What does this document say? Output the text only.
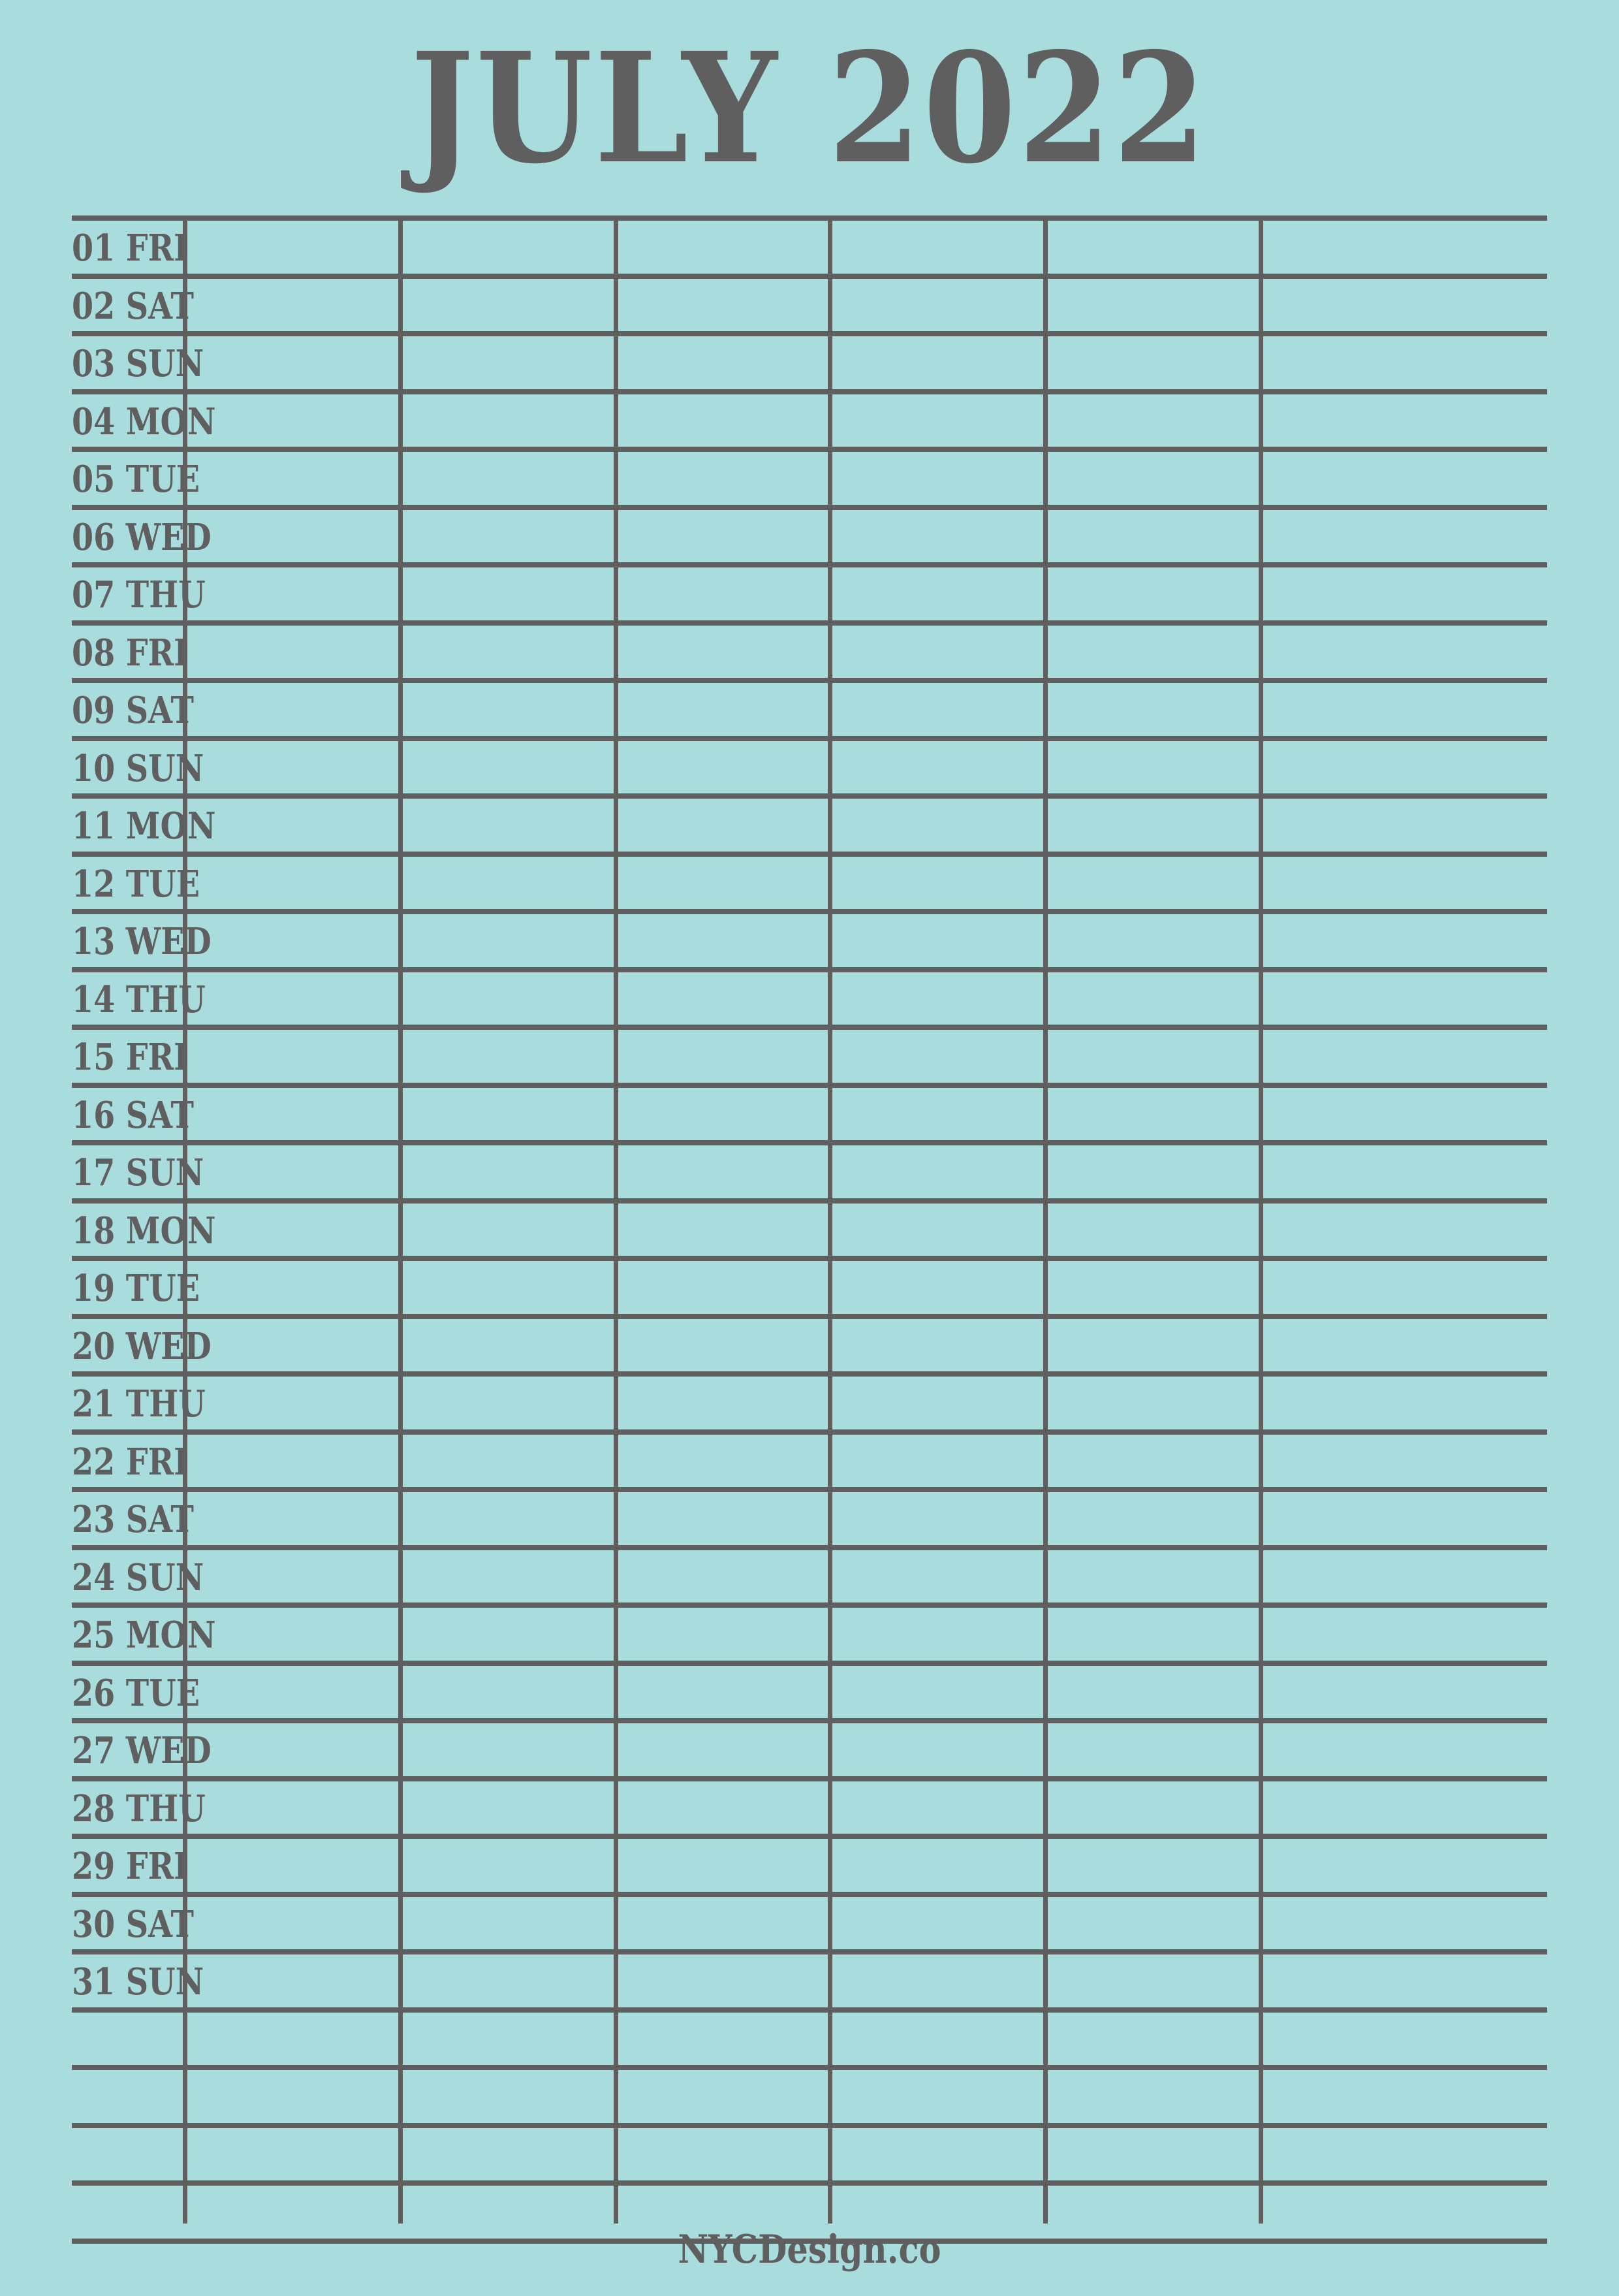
JULY 2022
01 FRI
02 SAT
03 SUN
04 MON
05 TUE
06 WED
07 THU
08 FRI
09 SAT
10 SUN
11 MON
12 TUE
13 WED
14 THU
15 FRI
16 SAT
17 SUN
18 MON
19 TUE
20 WED
21 THU
22 FRI
23 SAT
24 SUN
25 MON
26 TUE
27 WED
28 THU
29 FRI
30 SAT
31 SUN
NYCDesign.co
